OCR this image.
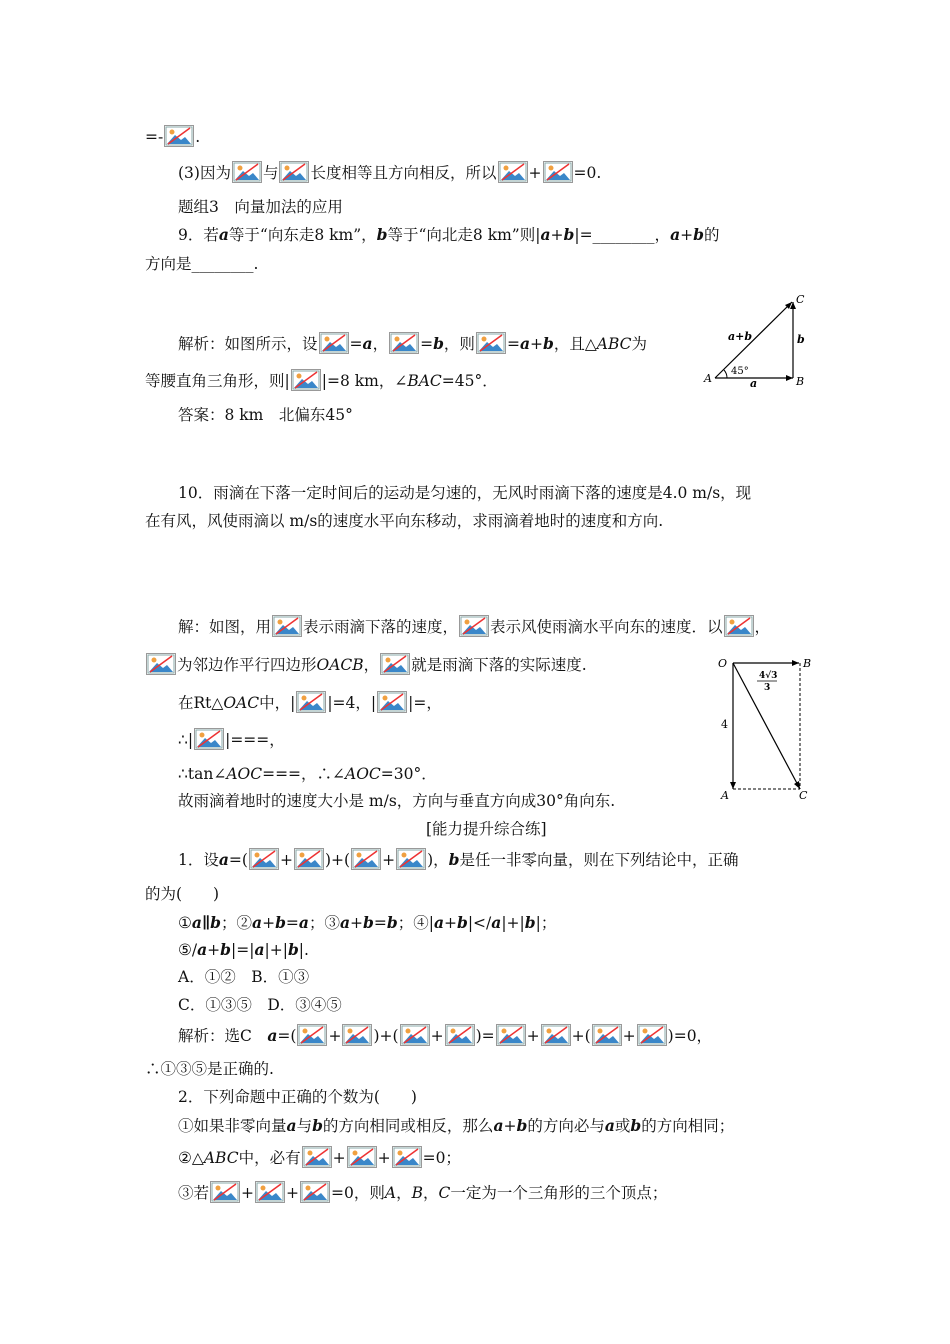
=- .
(3)因为 与 长度相等且方向相反，所以 + =0.
题组3　向量加法的应用
9．若a等于“向东走8 km”，b等于“向北走8 km”则|a+b|=________，a+b的
方向是________.
解析：如图所示，设 =a， =b，则 =a+b，且△ABC为
等腰直角三角形，则| |=8 km，∠BAC=45°．
答案：8 km　北偏东45°
a+b	b
a
45°
A	B
C
10．雨滴在下落一定时间后的运动是匀速的，无风时雨滴下落的速度是4.0 m/s，现
在有风，风使雨滴以 m/s的速度水平向东移动，求雨滴着地时的速度和方向.
解：如图，用 表示雨滴下落的速度， 表示风使雨滴水平向东的速度．以 ，
为邻边作平行四边形OACB， 就是雨滴下落的实际速度.
在Rt△OAC中，| |=4，| |=，
∴| |===，
∴tan∠AOC===，∴∠AOC=30°．
故雨滴着地时的速度大小是 m/s，方向与垂直方向成30°角向东.
O	B
A	C
4
4√3
3
[能力提升综合练]
1．设a=( + )+( + )，b是任一非零向量，则在下列结论中，正确
的为(　　)
①a∥b；②a+b=a；③a+b=b；④|a+b|</a|+|b|；
⑤/a+b|=|a|+|b|.
A．①②　B．①③
C．①③⑤　D．③④⑤
解析：选C　a=( + )+( + )= + +( + )=0，
∴①③⑤是正确的.
2．下列命题中正确的个数为(　　)
①如果非零向量a与b的方向相同或相反，那么a+b的方向必与a或b的方向相同；
②△ABC中，必有 + + =0；
③若 + + =0，则A，B，C一定为一个三角形的三个顶点；
